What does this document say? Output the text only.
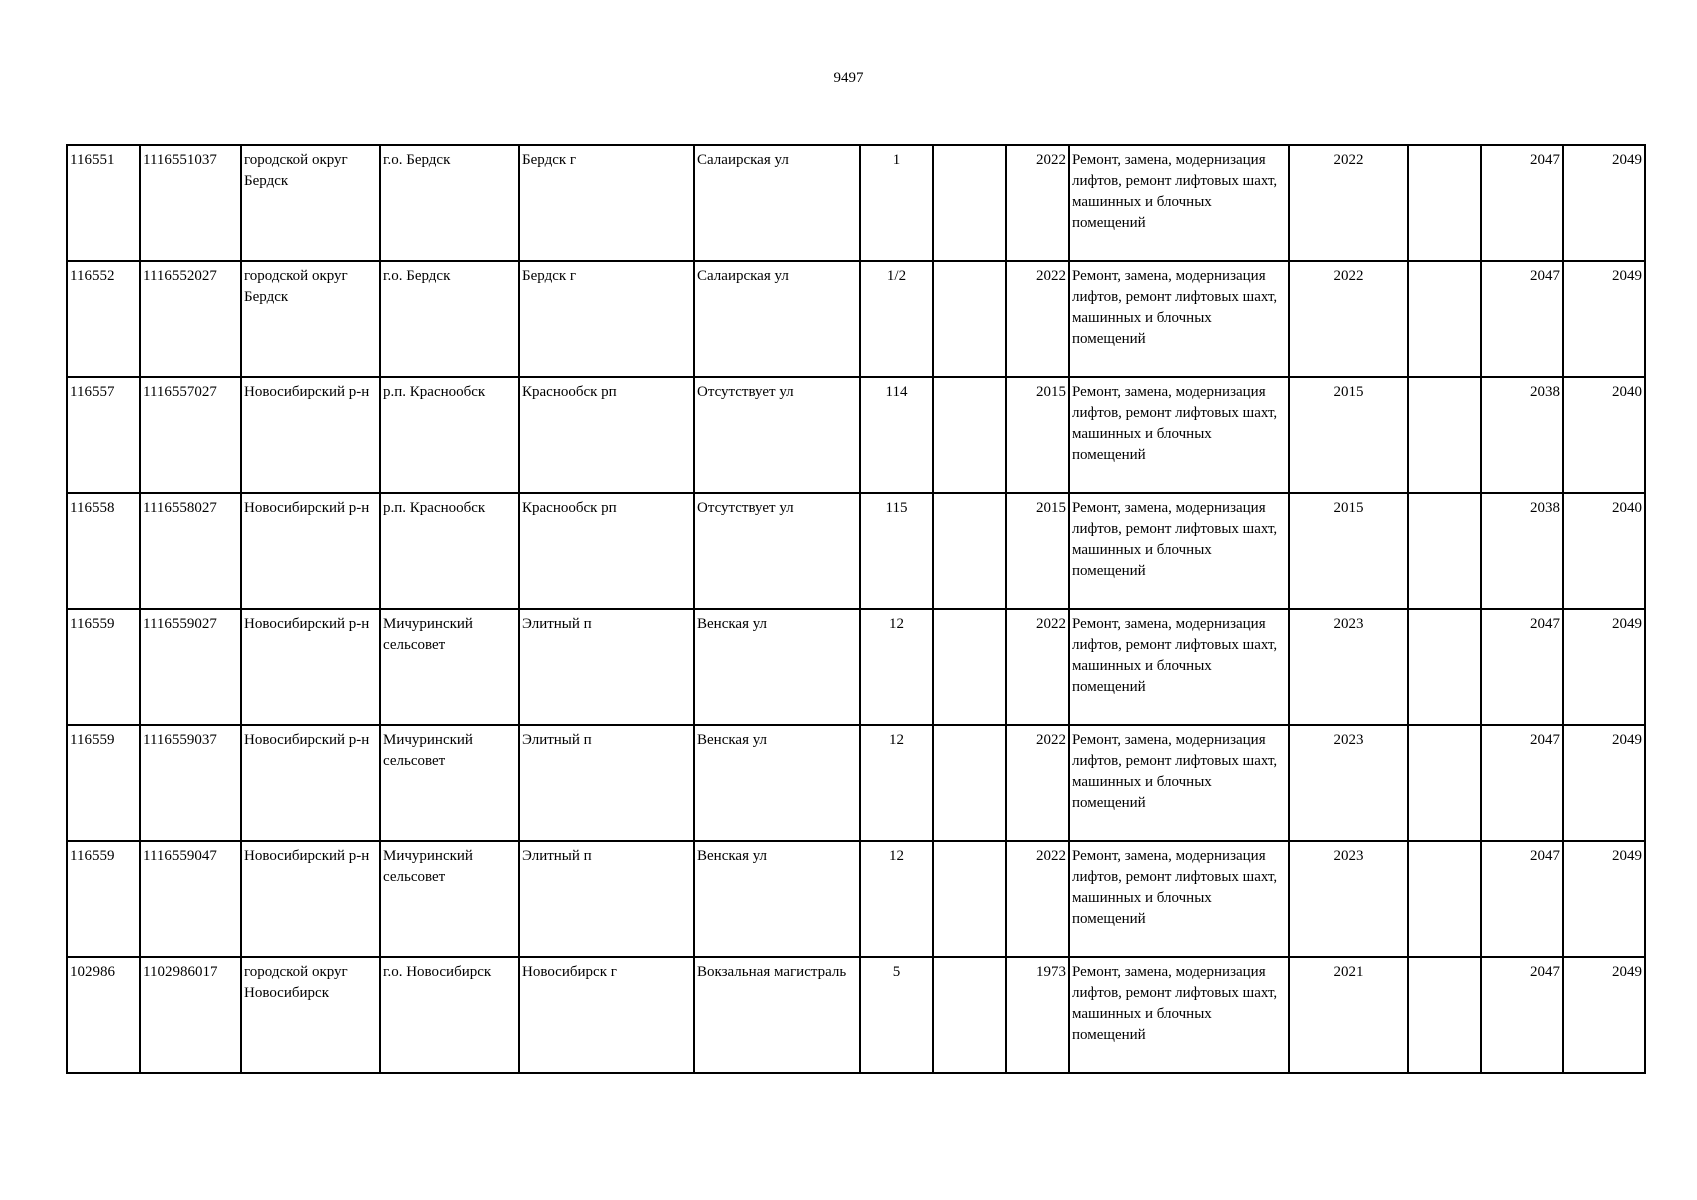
9497
116551	1116551037	городской округ Бердск	г.о. Бердск	Бердск г	Салаирская ул	1		2022	Ремонт, замена, модернизация лифтов, ремонт лифтовых шахт, машинных и блочных помещений	2022		2047	2049
116552	1116552027	городской округ Бердск	г.о. Бердск	Бердск г	Салаирская ул	1/2		2022	Ремонт, замена, модернизация лифтов, ремонт лифтовых шахт, машинных и блочных помещений	2022		2047	2049
116557	1116557027	Новосибирский р-н	р.п. Краснообск	Краснообск рп	Отсутствует ул	114		2015	Ремонт, замена, модернизация лифтов, ремонт лифтовых шахт, машинных и блочных помещений	2015		2038	2040
116558	1116558027	Новосибирский р-н	р.п. Краснообск	Краснообск рп	Отсутствует ул	115		2015	Ремонт, замена, модернизация лифтов, ремонт лифтовых шахт, машинных и блочных помещений	2015		2038	2040
116559	1116559027	Новосибирский р-н	Мичуринский сельсовет	Элитный п	Венская ул	12		2022	Ремонт, замена, модернизация лифтов, ремонт лифтовых шахт, машинных и блочных помещений	2023		2047	2049
116559	1116559037	Новосибирский р-н	Мичуринский сельсовет	Элитный п	Венская ул	12		2022	Ремонт, замена, модернизация лифтов, ремонт лифтовых шахт, машинных и блочных помещений	2023		2047	2049
116559	1116559047	Новосибирский р-н	Мичуринский сельсовет	Элитный п	Венская ул	12		2022	Ремонт, замена, модернизация лифтов, ремонт лифтовых шахт, машинных и блочных помещений	2023		2047	2049
102986	1102986017	городской округ Новосибирск	г.о. Новосибирск	Новосибирск г	Вокзальная магистраль	5		1973	Ремонт, замена, модернизация лифтов, ремонт лифтовых шахт, машинных и блочных помещений	2021		2047	2049
